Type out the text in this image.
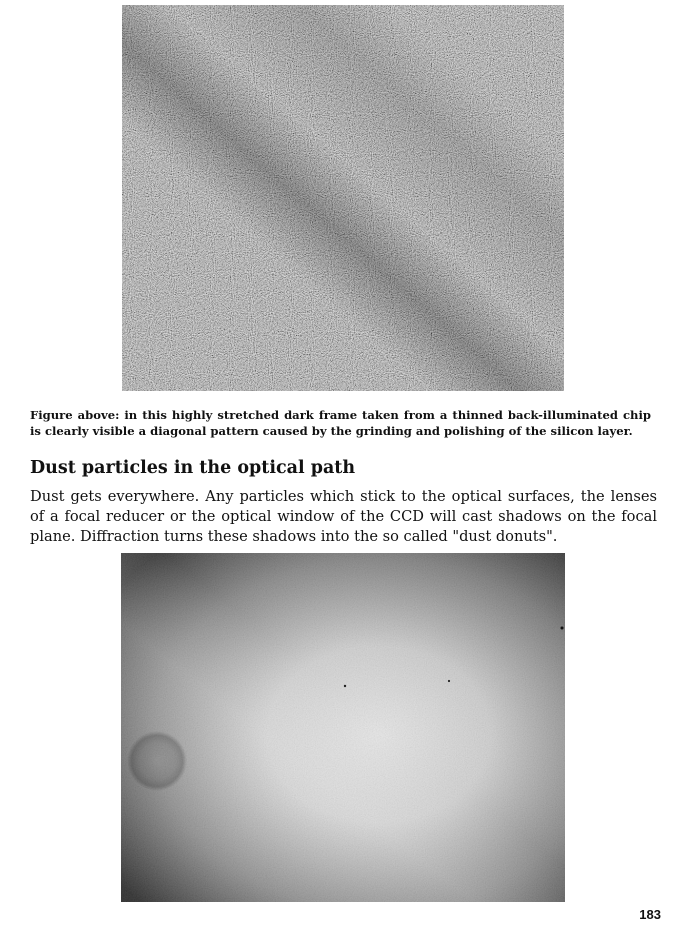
Figure above: in this highly stretched dark frame taken from a thinned back-illuminated chip is clearly visible a diagonal pattern caused by the grinding and polishing of the silicon layer.

Dust particles in the optical path

Dust gets everywhere. Any particles which stick to the optical surfaces, the lenses of a focal reducer or the optical window of the CCD will cast shadows on the focal plane. Diffraction turns these shadows into the so called "dust donuts".

183
